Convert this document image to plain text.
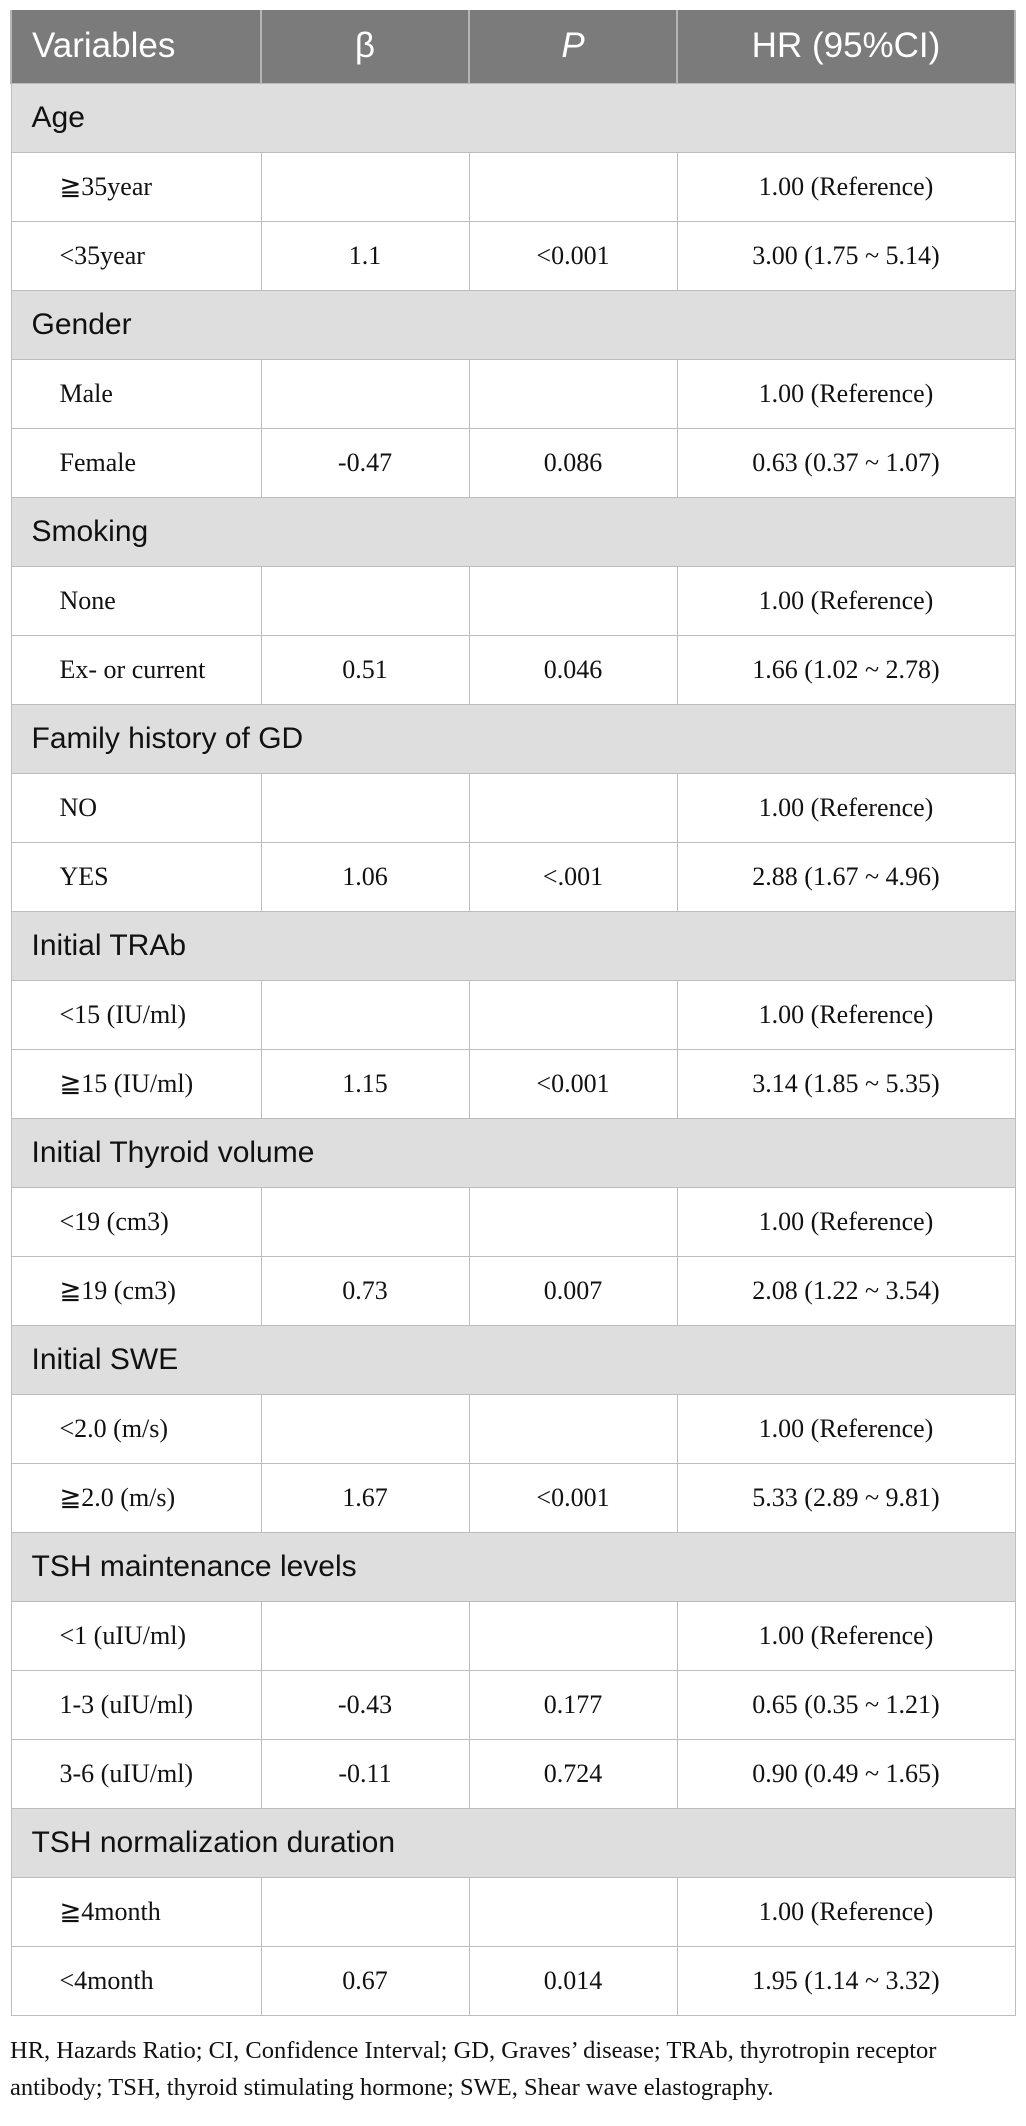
Variables	β	P	HR (95%CI)
Age			
≧35year			1.00 (Reference)
<35year	1.1	<0.001	3.00 (1.75 ~ 5.14)
Gender			
Male			1.00 (Reference)
Female	-0.47	0.086	0.63 (0.37 ~ 1.07)
Smoking			
None			1.00 (Reference)
Ex- or current	0.51	0.046	1.66 (1.02 ~ 2.78)
Family history of GD			
NO			1.00 (Reference)
YES	1.06	<.001	2.88 (1.67 ~ 4.96)
Initial TRAb			
<15 (IU/ml)			1.00 (Reference)
≧15 (IU/ml)	1.15	<0.001	3.14 (1.85 ~ 5.35)
Initial Thyroid volume			
<19 (cm3)			1.00 (Reference)
≧19 (cm3)	0.73	0.007	2.08 (1.22 ~ 3.54)
Initial SWE			
<2.0 (m/s)			1.00 (Reference)
≧2.0 (m/s)	1.67	<0.001	5.33 (2.89 ~ 9.81)
TSH maintenance levels			
<1 (uIU/ml)			1.00 (Reference)
1-3 (uIU/ml)	-0.43	0.177	0.65 (0.35 ~ 1.21)
3-6 (uIU/ml)	-0.11	0.724	0.90 (0.49 ~ 1.65)
TSH normalization duration			
≧4month			1.00 (Reference)
<4month	0.67	0.014	1.95 (1.14 ~ 3.32)
HR, Hazards Ratio; CI, Confidence Interval; GD, Graves’ disease; TRAb, thyrotropin receptor antibody; TSH, thyroid stimulating hormone; SWE, Shear wave elastography.
